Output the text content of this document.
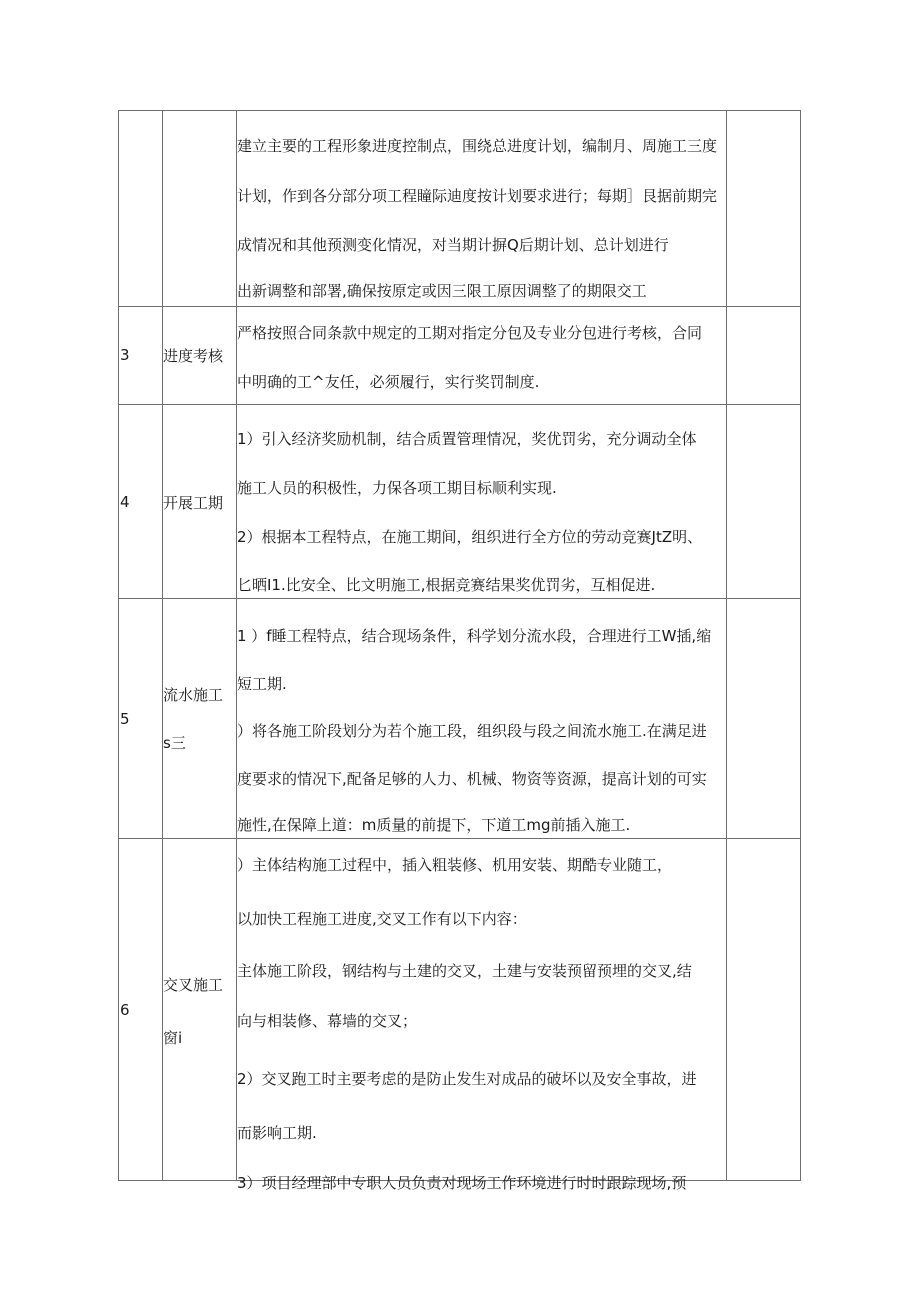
建立主要的工程形象进度控制点，围绕总进度计划，编制月、周施工三度
计划，作到各分部分项工程瞳际迪度按计划要求进行；每期］艮据前期完
成情况和其他预测变化情况，对当期计摒Q后期计划、总计划进行
出新调整和部署,确保按原定或因三限工原因调整了的期限交工
3 进度考核
严格按照合同条款中规定的工期对指定分包及专业分包进行考核，合同
中明确的工^友任，必须履行，实行奖罚制度.
4 开展工期
1）引入经济奖励机制，结合质置管理情况，奖优罚劣，充分调动全体
施工人员的积极性，力保各项工期目标顺利实现.
2）根据本工程特点，在施工期间，组织进行全方位的劳动竞赛JtZ明、
匕晒I1.比安全、比文明施工,根据竞赛结果奖优罚劣，互相促进.
5
流水施工
s三
1 ）f睡工程特点，结合现场条件，科学划分流水段，合理进行工W插,缩
短工期.
）将各施工阶段划分为若个施工段，组织段与段之间流水施工.在满足进
度要求的情况下,配备足够的人力、机械、物资等资源，提高计划的可实
施性,在保障上道：m质量的前提下，下道工mg前插入施工.
6
交叉施工
窗i
）主体结构施工过程中，插入粗装修、机用安装、期酷专业随工，
以加快工程施工进度,交叉工作有以下内容：
主体施工阶段，钢结构与土建的交叉，土建与安装预留预埋的交叉,结
向与相装修、幕墙的交叉；
2）交叉跑工时主要考虑的是防止发生对成品的破坏以及安全事故，进
而影响工期.
3）项目经理部中专职人员负责对现场工作环境进行时时跟踪现场,预
